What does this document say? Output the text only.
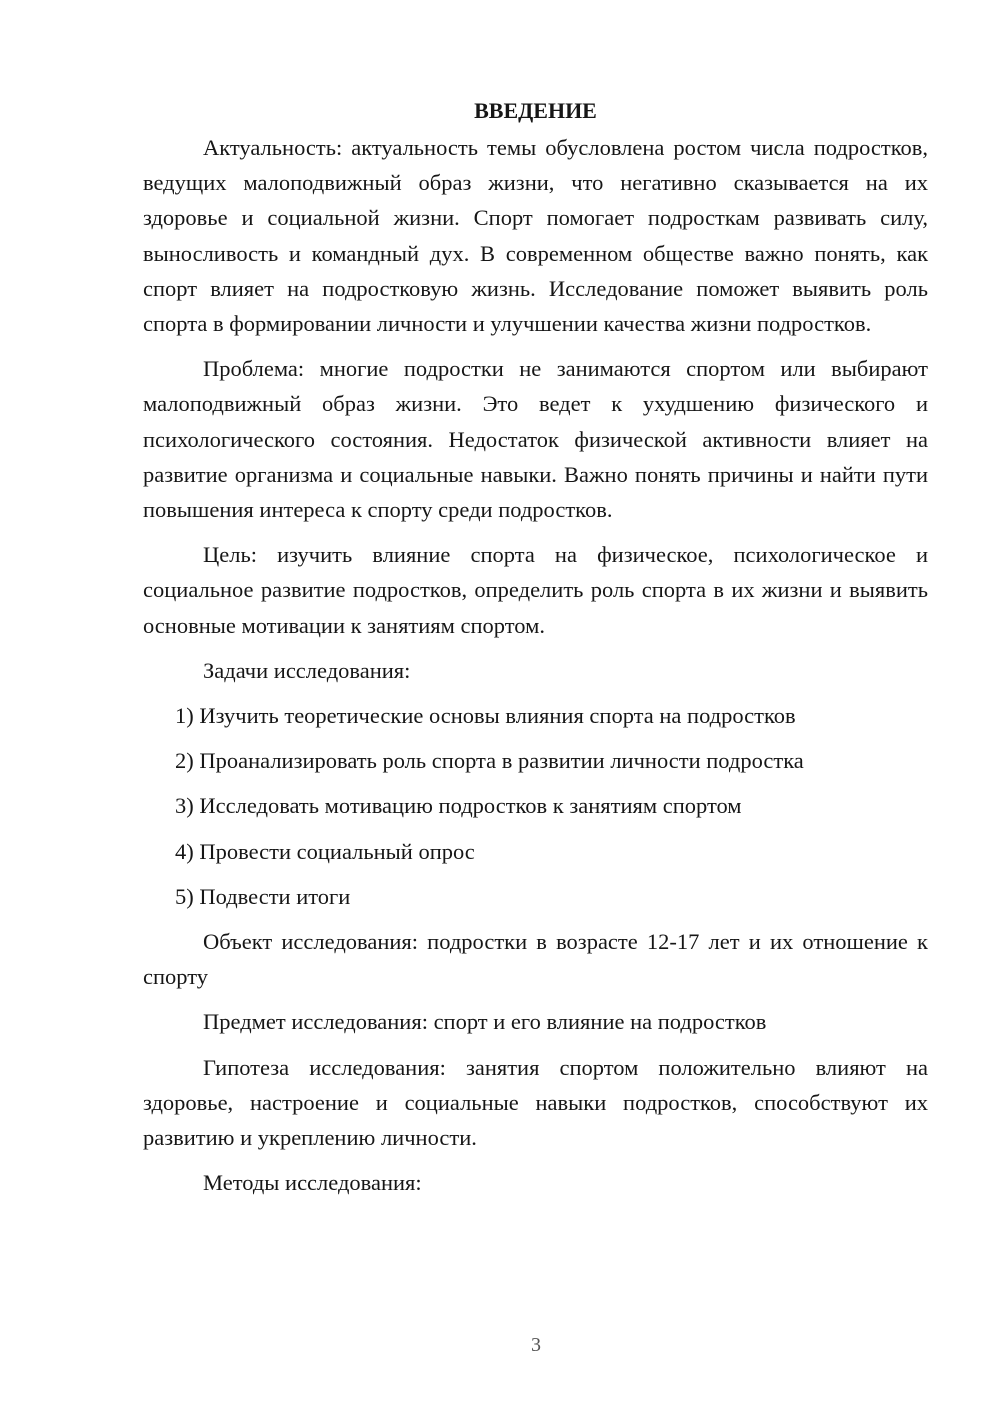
ВВЕДЕНИЕ

Актуальность: актуальность темы обусловлена ростом числа подростков, ведущих малоподвижный образ жизни, что негативно сказывается на их здоровье и социальной жизни. Спорт помогает подросткам развивать силу, выносливость и командный дух. В современном обществе важно понять, как спорт влияет на подростковую жизнь. Исследование поможет выявить роль спорта в формировании личности и улучшении качества жизни подростков.

Проблема: многие подростки не занимаются спортом или выбирают малоподвижный образ жизни. Это ведет к ухудшению физического и психологического состояния. Недостаток физической активности влияет на развитие организма и социальные навыки. Важно понять причины и найти пути повышения интереса к спорту среди подростков.

Цель: изучить влияние спорта на физическое, психологическое и социальное развитие подростков, определить роль спорта в их жизни и выявить основные мотивации к занятиям спортом.

Задачи исследования:

1) Изучить теоретические основы влияния спорта на подростков
2) Проанализировать роль спорта в развитии личности подростка
3) Исследовать мотивацию подростков к занятиям спортом
4) Провести социальный опрос
5) Подвести итоги

Объект исследования: подростки в возрасте 12-17 лет и их отношение к спорту

Предмет исследования: спорт и его влияние на подростков

Гипотеза исследования: занятия спортом положительно влияют на здоровье, настроение и социальные навыки подростков, способствуют их развитию и укреплению личности.

Методы исследования:

3
